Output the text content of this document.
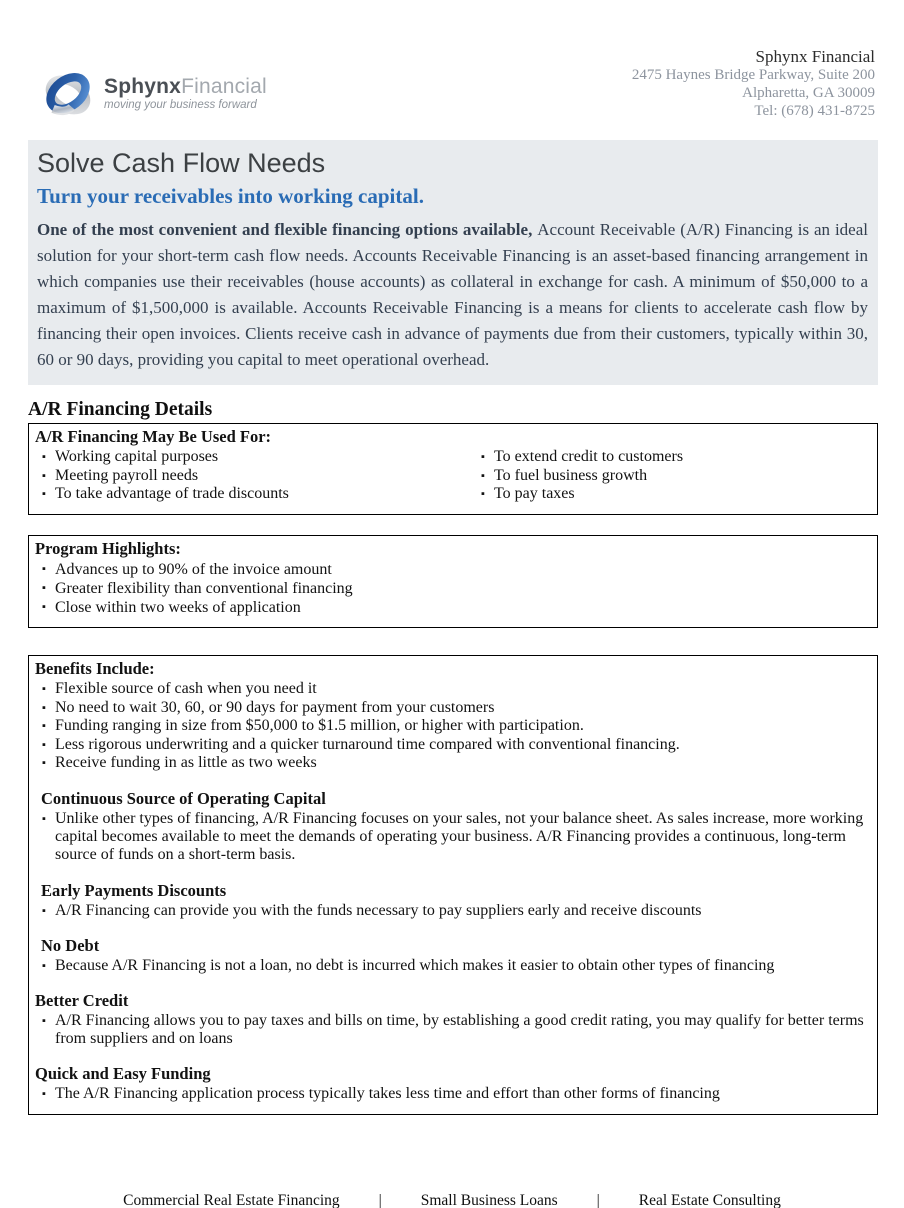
SphynxFinancial
moving your business forward
Sphynx Financial
2475 Haynes Bridge Parkway, Suite 200
Alpharetta, GA 30009
Tel: (678) 431-8725
Solve Cash Flow Needs
Turn your receivables into working capital.

One of the most convenient and flexible financing options available, Account Receivable (A/R) Financing is an ideal solution for your short-term cash flow needs. Accounts Receivable Financing is an asset-based financing arrangement in which companies use their receivables (house accounts) as collateral in exchange for cash. A minimum of $50,000 to a maximum of $1,500,000 is available. Accounts Receivable Financing is a means for clients to accelerate cash flow by financing their open invoices. Clients receive cash in advance of payments due from their customers, typically within 30, 60 or 90 days, providing you capital to meet operational overhead.

A/R Financing Details
A/R Financing May Be Used For:
▪ Working capital purposes
▪ Meeting payroll needs
▪ To take advantage of trade discounts
▪ To extend credit to customers
▪ To fuel business growth
▪ To pay taxes
Program Highlights:
▪ Advances up to 90% of the invoice amount
▪ Greater flexibility than conventional financing
▪ Close within two weeks of application
Benefits Include:
▪ Flexible source of cash when you need it
▪ No need to wait 30, 60, or 90 days for payment from your customers
▪ Funding ranging in size from $50,000 to $1.5 million, or higher with participation.
▪ Less rigorous underwriting and a quicker turnaround time compared with conventional financing.
▪ Receive funding in as little as two weeks
Continuous Source of Operating Capital
▪ Unlike other types of financing, A/R Financing focuses on your sales, not your balance sheet. As sales increase, more working capital becomes available to meet the demands of operating your business. A/R Financing provides a continuous, long-term source of funds on a short-term basis.
Early Payments Discounts
▪ A/R Financing can provide you with the funds necessary to pay suppliers early and receive discounts
No Debt
▪ Because A/R Financing is not a loan, no debt is incurred which makes it easier to obtain other types of financing
Better Credit
▪ A/R Financing allows you to pay taxes and bills on time, by establishing a good credit rating, you may qualify for better terms from suppliers and on loans
Quick and Easy Funding
▪ The A/R Financing application process typically takes less time and effort than other forms of financing
Commercial Real Estate Financing	|	Small Business Loans	|	Real Estate Consulting
